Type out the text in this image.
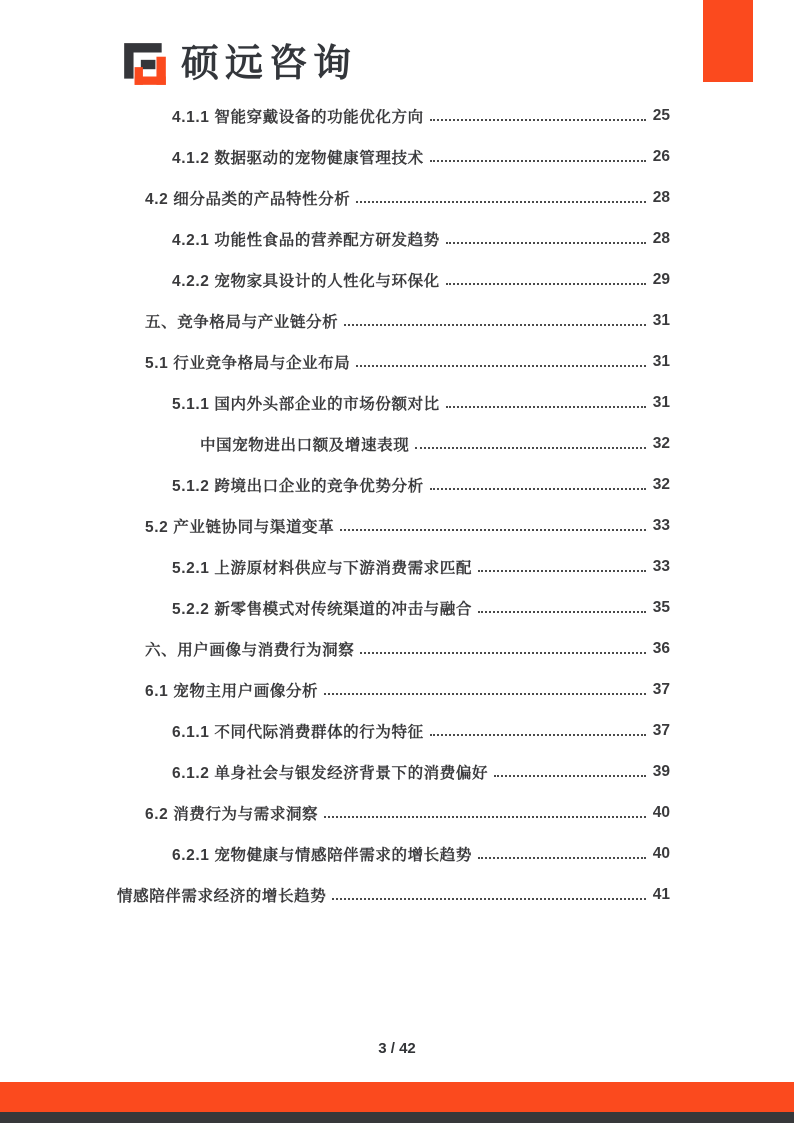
硕远咨询
4.1.1 智能穿戴设备的功能优化方向	25
4.1.2 数据驱动的宠物健康管理技术	26
4.2 细分品类的产品特性分析	28
4.2.1 功能性食品的营养配方研发趋势	28
4.2.2 宠物家具设计的人性化与环保化	29
五、竞争格局与产业链分析	31
5.1 行业竞争格局与企业布局	31
5.1.1 国内外头部企业的市场份额对比	31
中国宠物进出口额及增速表现	32
5.1.2 跨境出口企业的竞争优势分析	32
5.2 产业链协同与渠道变革	33
5.2.1 上游原材料供应与下游消费需求匹配	33
5.2.2 新零售模式对传统渠道的冲击与融合	35
六、用户画像与消费行为洞察	36
6.1 宠物主用户画像分析	37
6.1.1 不同代际消费群体的行为特征	37
6.1.2 单身社会与银发经济背景下的消费偏好	39
6.2 消费行为与需求洞察	40
6.2.1 宠物健康与情感陪伴需求的增长趋势	40
情感陪伴需求经济的增长趋势	41
3 / 42
